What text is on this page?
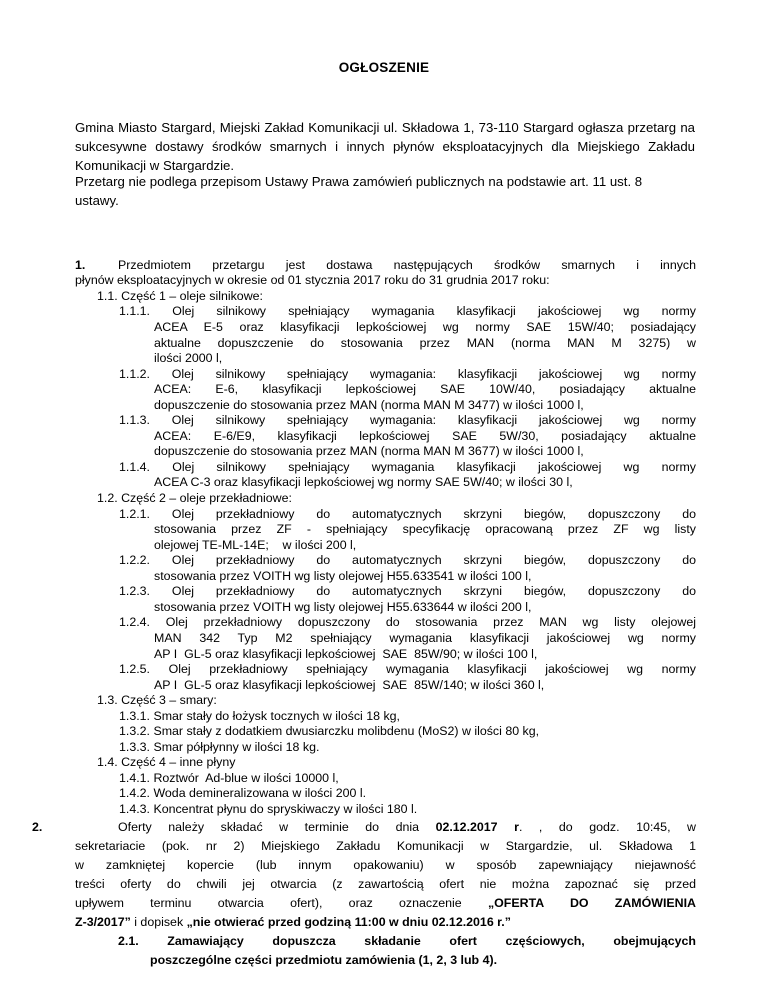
OGŁOSZENIE
Gmina Miasto Stargard, Miejski Zakład Komunikacji ul. Składowa 1, 73-110 Stargard ogłasza przetarg na sukcesywne dostawy środków smarnych i innych płynów eksploatacyjnych dla Miejskiego Zakładu Komunikacji w Stargardzie.
Przetarg nie podlega przepisom Ustawy Prawa zamówień publicznych na podstawie art. 11 ust. 8 ustawy.
1.	Przedmiotem przetargu jest dostawa następujących środków smarnych i innych
płynów eksploatacyjnych w okresie od 01 stycznia 2017 roku do 31 grudnia 2017 roku:
1.1. Część 1 – oleje silnikowe:
1.1.1. Olej silnikowy spełniający wymagania klasyfikacji jakościowej wg normy
ACEA E-5 oraz klasyfikacji lepkościowej wg normy SAE 15W/40; posiadający
aktualne dopuszczenie do stosowania przez MAN (norma MAN M 3275) w
ilości 2000 l,
1.1.2. Olej silnikowy spełniający wymagania: klasyfikacji jakościowej wg normy
ACEA: E-6, klasyfikacji lepkościowej SAE 10W/40, posiadający aktualne
dopuszczenie do stosowania przez MAN (norma MAN M 3477) w ilości 1000 l,
1.1.3. Olej silnikowy spełniający wymagania: klasyfikacji jakościowej wg normy
ACEA: E-6/E9, klasyfikacji lepkościowej SAE 5W/30, posiadający aktualne
dopuszczenie do stosowania przez MAN (norma MAN M 3677) w ilości 1000 l,
1.1.4. Olej silnikowy spełniający wymagania klasyfikacji jakościowej wg normy
ACEA C-3 oraz klasyfikacji lepkościowej wg normy SAE 5W/40; w ilości 30 l,
1.2. Część 2 – oleje przekładniowe:
1.2.1. Olej przekładniowy do automatycznych skrzyni biegów, dopuszczony do
stosowania przez ZF - spełniający specyfikację opracowaną przez ZF wg listy
olejowej TE-ML-14E;    w ilości 200 l,
1.2.2. Olej przekładniowy do automatycznych skrzyni biegów, dopuszczony do
stosowania przez VOITH wg listy olejowej H55.633541 w ilości 100 l,
1.2.3. Olej przekładniowy do automatycznych skrzyni biegów, dopuszczony do
stosowania przez VOITH wg listy olejowej H55.633644 w ilości 200 l,
1.2.4. Olej przekładniowy dopuszczony do stosowania przez MAN wg listy olejowej
MAN 342 Typ M2 spełniający wymagania klasyfikacji jakościowej wg normy
AP I  GL-5 oraz klasyfikacji lepkościowej  SAE  85W/90; w ilości 100 l,
1.2.5. Olej przekładniowy spełniający wymagania klasyfikacji jakościowej wg normy
AP I  GL-5 oraz klasyfikacji lepkościowej  SAE  85W/140; w ilości 360 l,
1.3. Część 3 – smary:
1.3.1. Smar stały do łożysk tocznych w ilości 18 kg,
1.3.2. Smar stały z dodatkiem dwusiarczku molibdenu (MoS2) w ilości 80 kg,
1.3.3. Smar półpłynny w ilości 18 kg.
1.4. Część 4 – inne płyny
1.4.1. Roztwór  Ad-blue w ilości 10000 l,
1.4.2. Woda demineralizowana w ilości 200 l.
1.4.3. Koncentrat płynu do spryskiwaczy w ilości 180 l.
2.	Oferty należy składać w terminie do dnia 02.12.2017 r. , do godz. 10:45, w
sekretariacie (pok. nr 2) Miejskiego Zakładu Komunikacji w Stargardzie, ul. Składowa 1
w zamkniętej kopercie (lub innym opakowaniu) w sposób zapewniający niejawność
treści oferty do chwili jej otwarcia (z zawartością ofert nie można zapoznać się przed
upływem terminu otwarcia ofert), oraz oznaczenie „OFERTA DO ZAMÓWIENIA
Z-3/2017” i dopisek „nie otwierać przed godziną 11:00 w dniu 02.12.2016 r.”
2.1. Zamawiający dopuszcza składanie ofert częściowych, obejmujących
poszczególne części przedmiotu zamówienia (1, 2, 3 lub 4).
